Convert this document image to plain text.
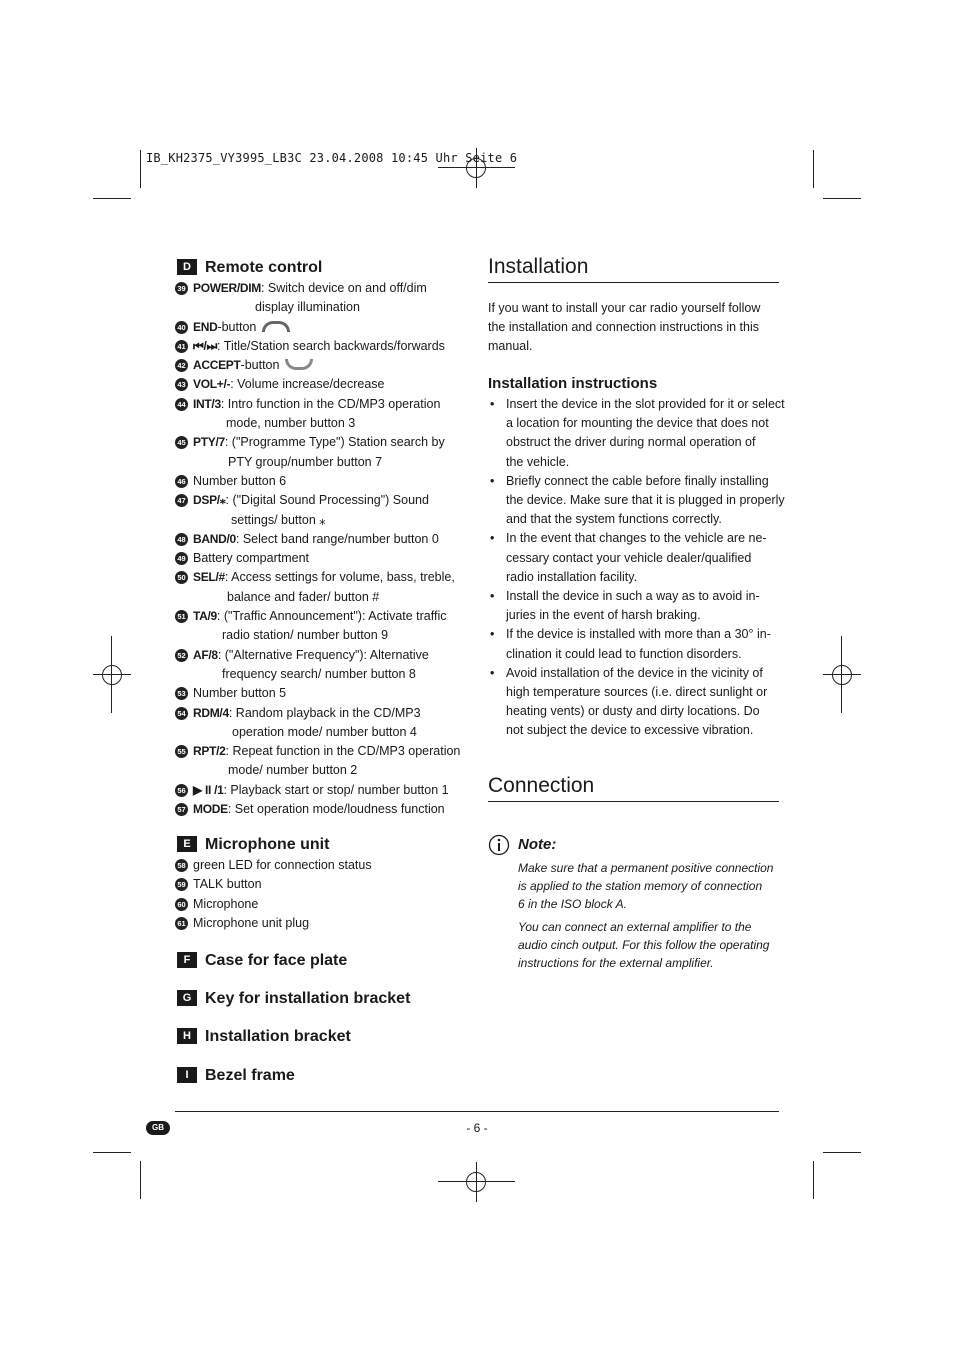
IB_KH2375_VY3995_LB3C 23.04.2008 10:45 Uhr Seite 6
D Remote control
39 POWER/DIM: Switch device on and off/dim
display illumination
40 END-button
41 ⏮/⏭: Title/Station search backwards/forwards
42 ACCEPT-button
43 VOL+/-: Volume increase/decrease
44 INT/3: Intro function in the CD/MP3 operation
mode, number button 3
45 PTY/7: ("Programme Type") Station search by
PTY group/number button 7
46 Number button 6
47 DSP/⁎: ("Digital Sound Processing") Sound
settings/ button ⁎
48 BAND/0: Select band range/number button 0
49 Battery compartment
50 SEL/#: Access settings for volume, bass, treble,
balance and fader/ button #
51 TA/9: ("Traffic Announcement"): Activate traffic
radio station/ number button 9
52 AF/8: ("Alternative Frequency"): Alternative
frequency search/ number button 8
53 Number button 5
54 RDM/4: Random playback in the CD/MP3
operation mode/ number button 4
55 RPT/2: Repeat function in the CD/MP3 operation
mode/ number button 2
56 ▶ II /1: Playback start or stop/ number button 1
57 MODE: Set operation mode/loudness function
E Microphone unit
58 green LED for connection status
59 TALK button
60 Microphone
61 Microphone unit plug
F Case for face plate
G Key for installation bracket
H Installation bracket
I Bezel frame
Installation
If you want to install your car radio yourself follow
the installation and connection instructions in this
manual.
Installation instructions
• Insert the device in the slot provided for it or select
a location for mounting the device that does not
obstruct the driver during normal operation of
the vehicle.
• Briefly connect the cable before finally installing
the device. Make sure that it is plugged in properly
and that the system functions correctly.
• In the event that changes to the vehicle are ne-
cessary contact your vehicle dealer/qualified
radio installation facility.
• Install the device in such a way as to avoid in-
juries in the event of harsh braking.
• If the device is installed with more than a 30° in-
clination it could lead to function disorders.
• Avoid installation of the device in the vicinity of
high temperature sources (i.e. direct sunlight or
heating vents) or dusty and dirty locations. Do
not subject the device to excessive vibration.
Connection
Note:
Make sure that a permanent positive connection
is applied to the station memory of connection
6 in the ISO block A.
You can connect an external amplifier to the
audio cinch output. For this follow the operating
instructions for the external amplifier.
GB	- 6 -
